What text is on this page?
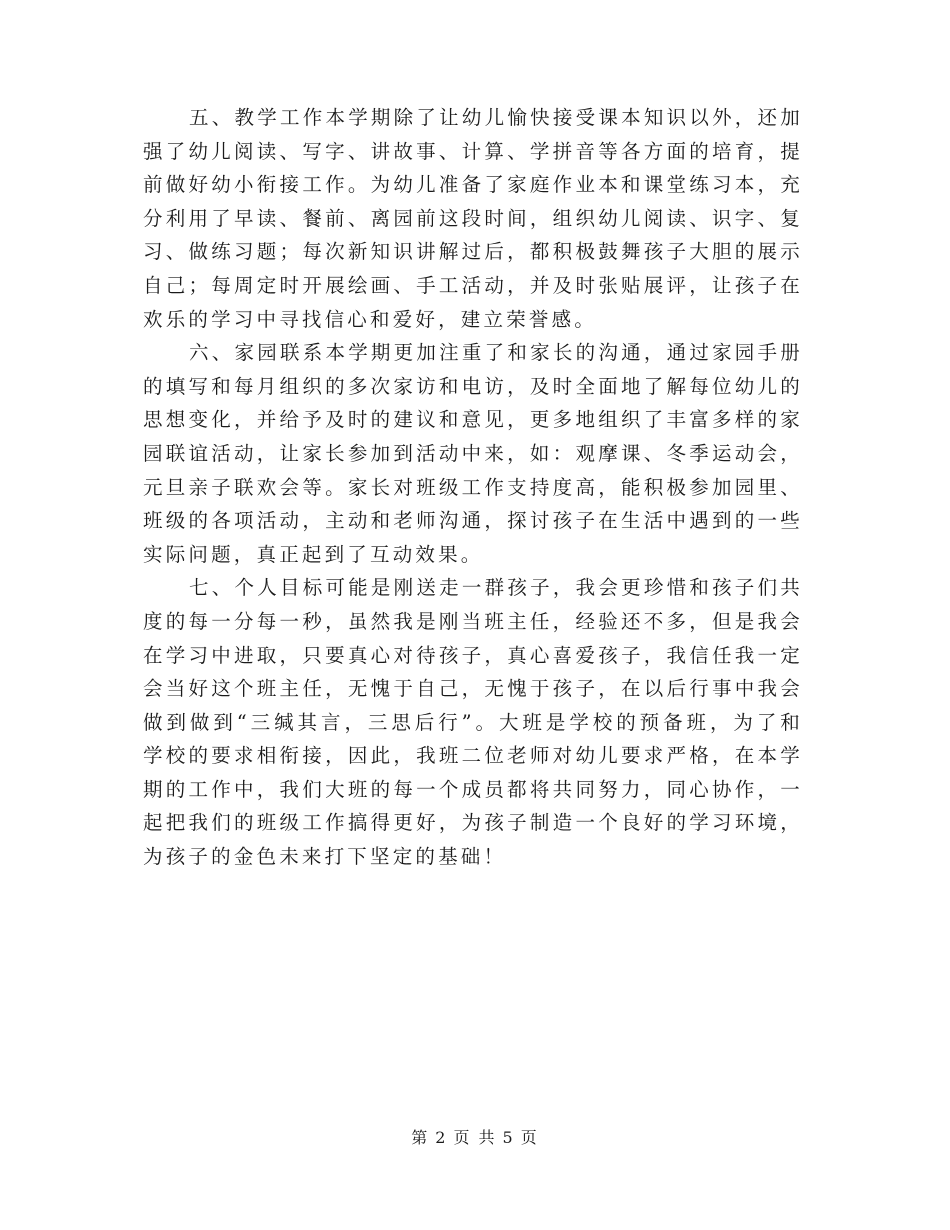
五、教学工作本学期除了让幼儿愉快接受课本知识以外，还加强了幼儿阅读、写字、讲故事、计算、学拼音等各方面的培育，提前做好幼小衔接工作。为幼儿准备了家庭作业本和课堂练习本，充分利用了早读、餐前、离园前这段时间，组织幼儿阅读、识字、复习、做练习题；每次新知识讲解过后，都积极鼓舞孩子大胆的展示自己；每周定时开展绘画、手工活动，并及时张贴展评，让孩子在欢乐的学习中寻找信心和爱好，建立荣誉感。

六、家园联系本学期更加注重了和家长的沟通，通过家园手册的填写和每月组织的多次家访和电访，及时全面地了解每位幼儿的思想变化，并给予及时的建议和意见，更多地组织了丰富多样的家园联谊活动，让家长参加到活动中来，如：观摩课、冬季运动会，元旦亲子联欢会等。家长对班级工作支持度高，能积极参加园里、班级的各项活动，主动和老师沟通，探讨孩子在生活中遇到的一些实际问题，真正起到了互动效果。

七、个人目标可能是刚送走一群孩子，我会更珍惜和孩子们共度的每一分每一秒，虽然我是刚当班主任，经验还不多，但是我会在学习中进取，只要真心对待孩子，真心喜爱孩子，我信任我一定会当好这个班主任，无愧于自己，无愧于孩子，在以后行事中我会做到做到“三缄其言，三思后行”。大班是学校的预备班，为了和学校的要求相衔接，因此，我班二位老师对幼儿要求严格，在本学期的工作中，我们大班的每一个成员都将共同努力，同心协作，一起把我们的班级工作搞得更好，为孩子制造一个良好的学习环境，为孩子的金色未来打下坚定的基础！

第 2 页 共 5 页
